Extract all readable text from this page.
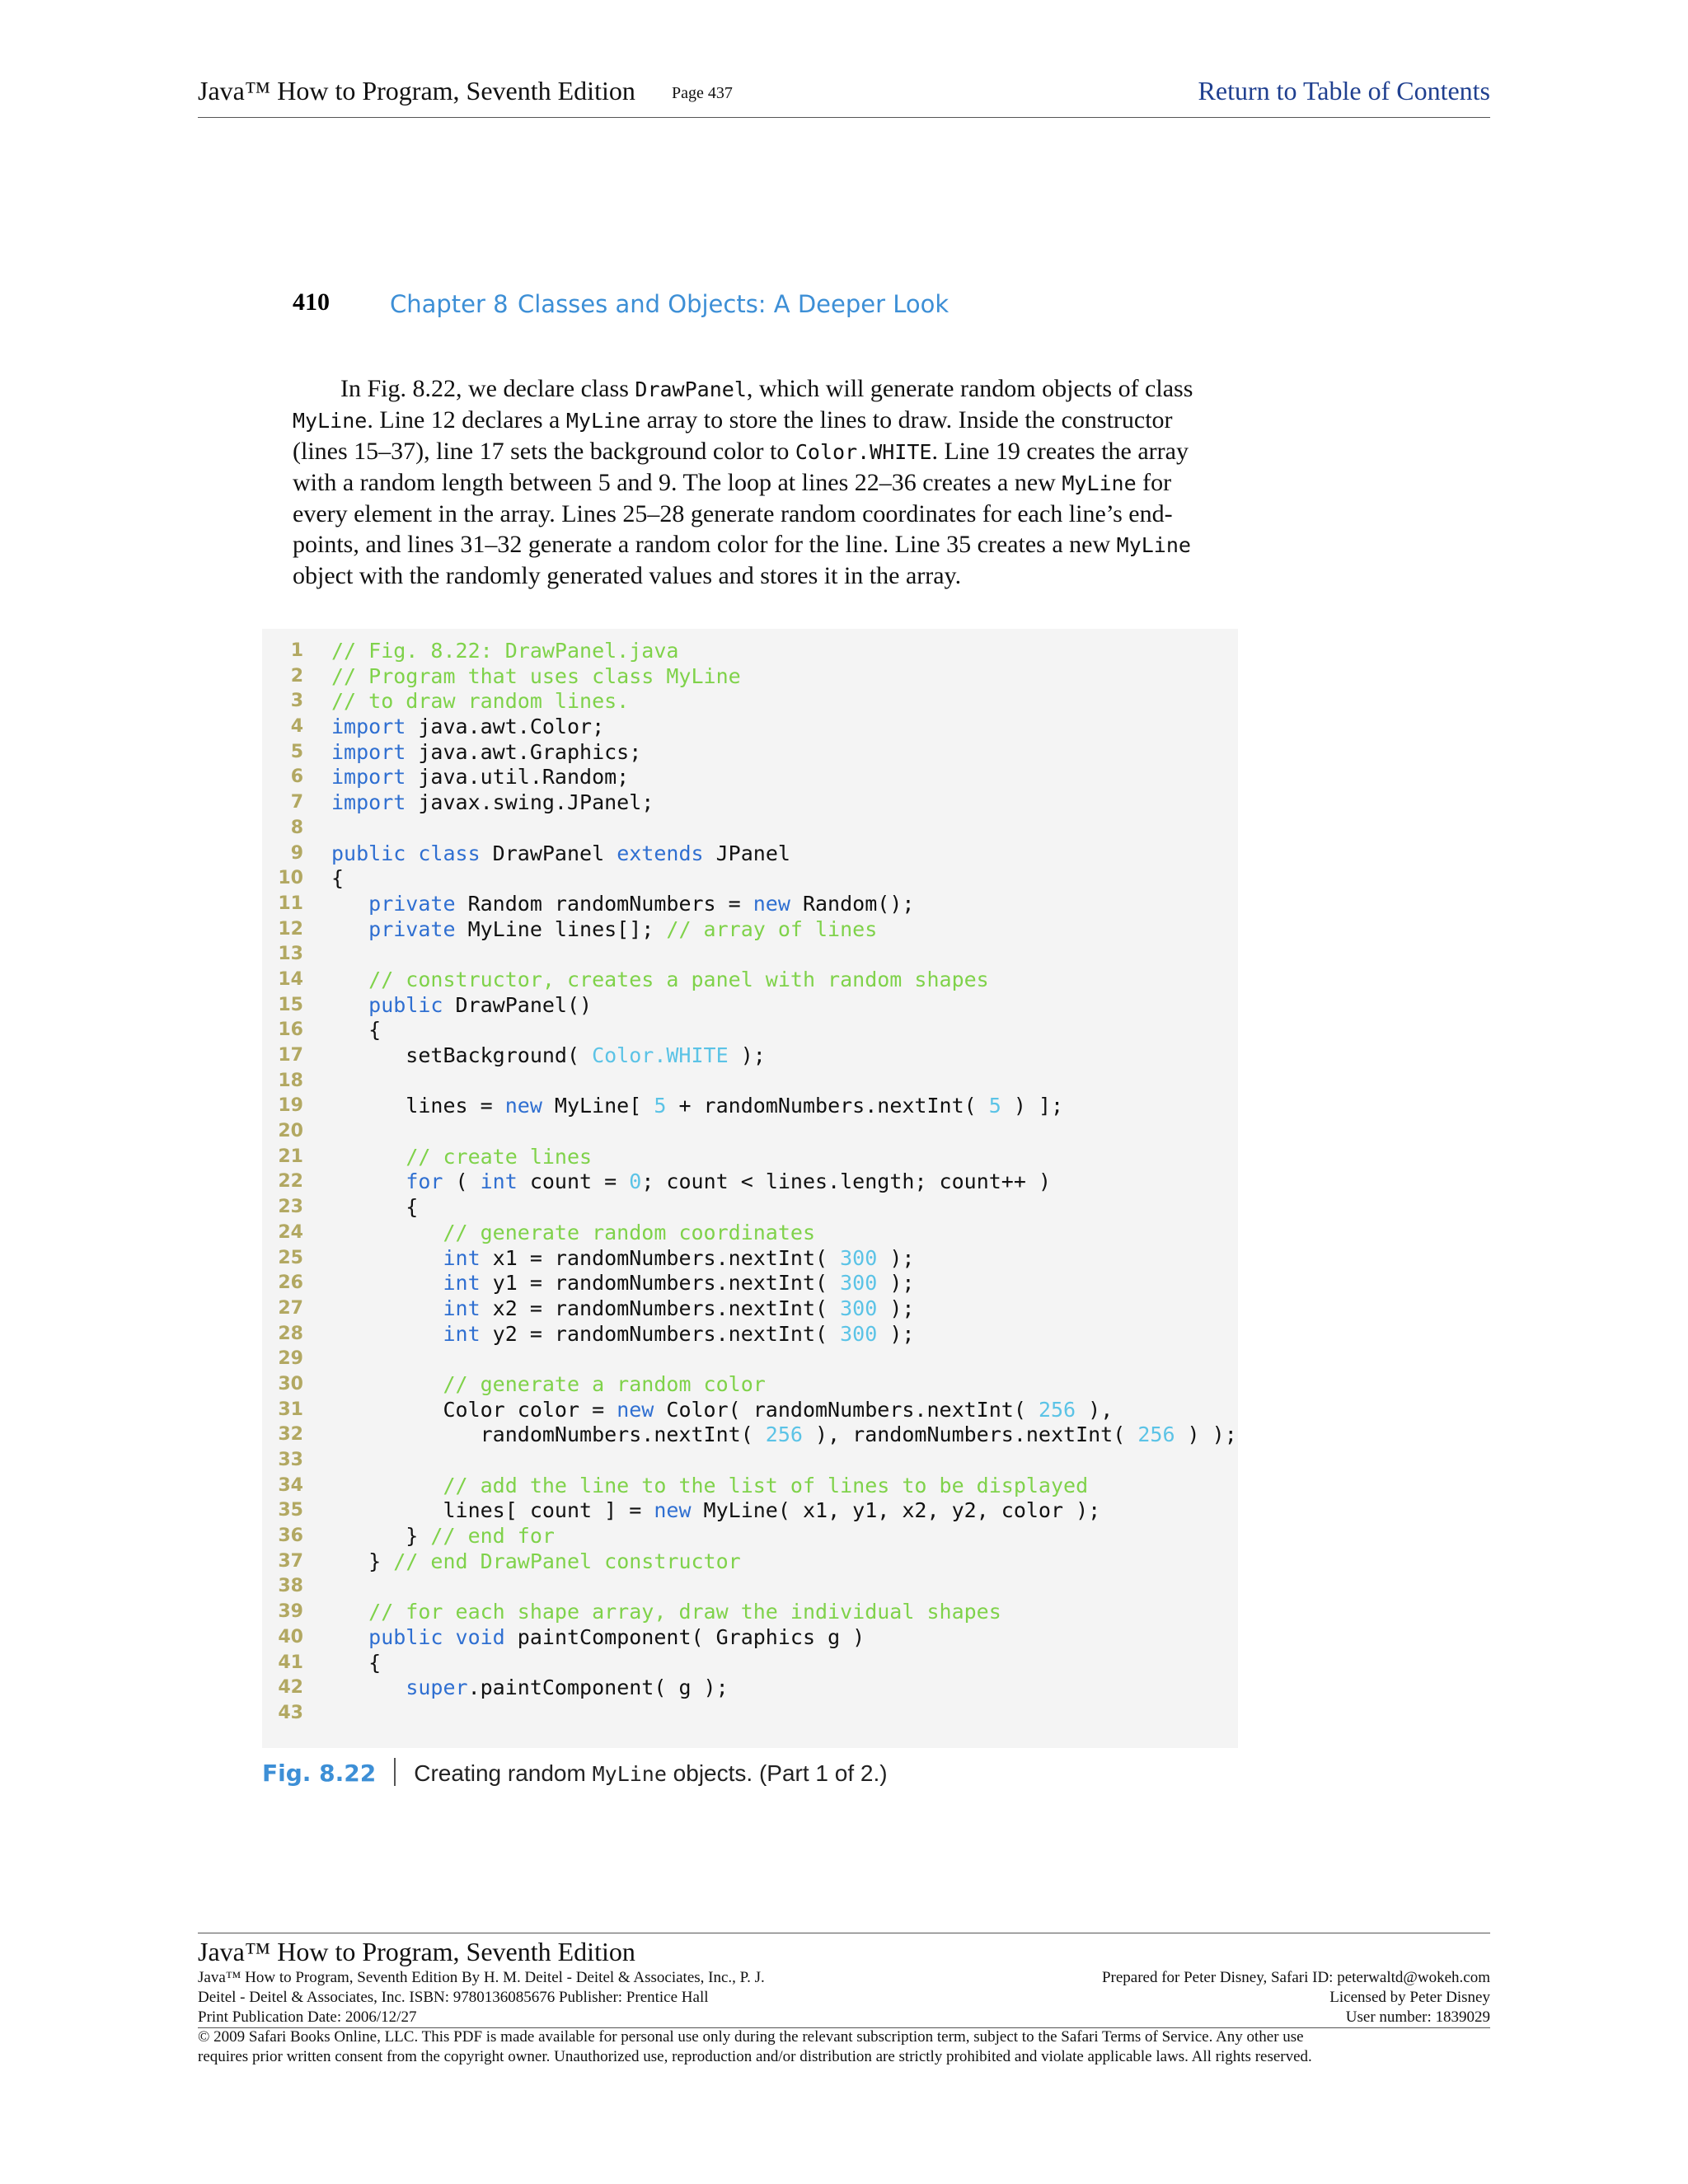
Java™ How to Program, Seventh Edition Page 437	Return to Table of Contents
410	Chapter 8 Classes and Objects: A Deeper Look
In Fig. 8.22, we declare class DrawPanel, which will generate random objects of class
MyLine. Line 12 declares a MyLine array to store the lines to draw. Inside the constructor
(lines 15–37), line 17 sets the background color to Color.WHITE. Line 19 creates the array
with a random length between 5 and 9. The loop at lines 22–36 creates a new MyLine for
every element in the array. Lines 25–28 generate random coordinates for each line’s end-
points, and lines 31–32 generate a random color for the line. Line 35 creates a new MyLine
object with the randomly generated values and stores it in the array.
1 // Fig. 8.22: DrawPanel.java
2 // Program that uses class MyLine
3 // to draw random lines.
4 import java.awt.Color;
5 import java.awt.Graphics;
6 import java.util.Random;
7 import javax.swing.JPanel;
8
9 public class DrawPanel extends JPanel
10 {
11	private Random randomNumbers = new Random();
12	private MyLine lines[]; // array of lines
13
14	// constructor, creates a panel with random shapes
15	public DrawPanel()
16 {
17 setBackground( Color.WHITE );
18
19 lines = new MyLine[ 5 + randomNumbers.nextInt( 5 ) ];
20
21	// create lines
22	for ( int count = 0; count < lines.length; count++ )
23 {
24	// generate random coordinates
25	int x1 = randomNumbers.nextInt( 300 );
26	int y1 = randomNumbers.nextInt( 300 );
27	int x2 = randomNumbers.nextInt( 300 );
28	int y2 = randomNumbers.nextInt( 300 );
29
30	// generate a random color
31 Color color = new Color( randomNumbers.nextInt( 256 ),
32 randomNumbers.nextInt( 256 ), randomNumbers.nextInt( 256 ) );
33
34	// add the line to the list of lines to be displayed
35 lines[ count ] = new MyLine( x1, y1, x2, y2, color );
36 } // end for
37 } // end DrawPanel constructor
38
39	// for each shape array, draw the individual shapes
40	public void paintComponent( Graphics g )
41 {
42	super.paintComponent( g );
43
Fig. 8.22 Creating random MyLine objects. (Part 1 of 2.)
Java™ How to Program, Seventh Edition
Java™ How to Program, Seventh Edition By H. M. Deitel - Deitel & Associates, Inc., P. J.
Deitel - Deitel & Associates, Inc. ISBN: 9780136085676 Publisher: Prentice Hall
Print Publication Date: 2006/12/27
Prepared for Peter Disney, Safari ID: peterwaltd@wokeh.com
Licensed by Peter Disney
User number: 1839029
© 2009 Safari Books Online, LLC. This PDF is made available for personal use only during the relevant subscription term, subject to the Safari Terms of Service. Any other use
requires prior written consent from the copyright owner. Unauthorized use, reproduction and/or distribution are strictly prohibited and violate applicable laws. All rights reserved.
